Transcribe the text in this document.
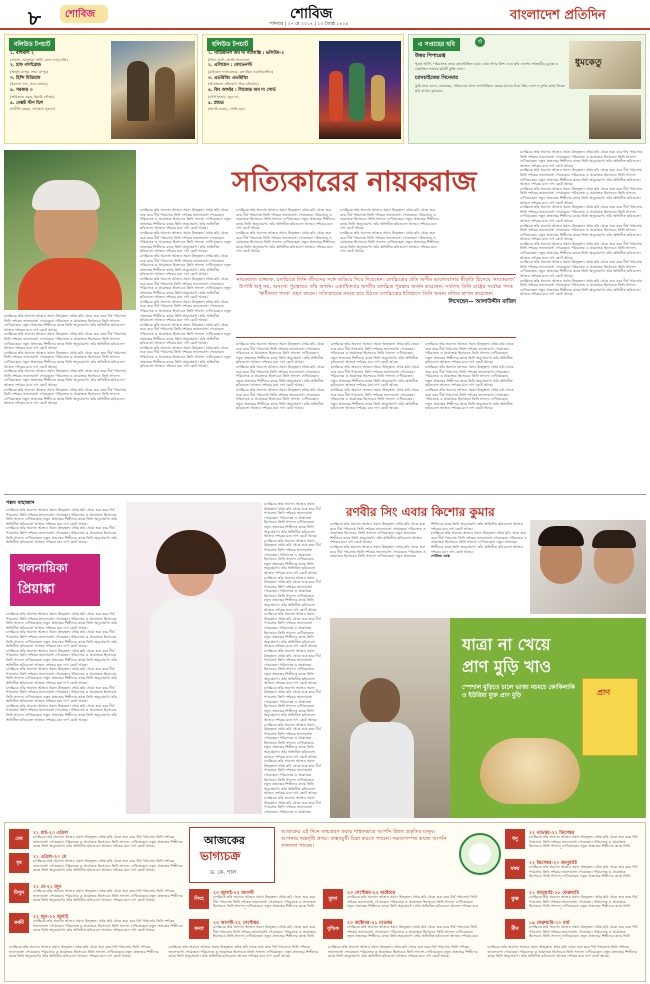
৮ শোবিজ	শোবিজ
শনিবার | ২৭ মে ২০১৭ | ১৩ জ্যৈষ্ঠ ১৪২৪
বাংলাদেশ প্রতিদিন
বলিউড টপচার্ট

১. বাহুবলি ২

(প্রভাস, আনুশকা শেট্টি, রানা দাগ্গুবতি)

২. হাফ গার্লফ্রেন্ড

(অর্জুন কাপুর, শ্রদ্ধা কাপুর)

৩. হিন্দি মিডিয়াম

(ইরফান খান, সাবা কামার)

৪. সরকার ৩

(অমিতাভ বচ্চন, ইয়ামি গৌতম)

৫. নেক্সট স্টপ ডিশ

(শামীনি মেহরা, আবহান সুরানা)

হলিউড টপচার্ট

১. গার্ডিয়ানস অব দ্য গ্যালাক্সি : ভলিউম-২

(ক্রিস প্র্যাট, জোয়ি সালদানা)

২. এলিয়েন : কোভেনান্ট

(মাইকেল ফাসবেন্ডার, ক্যাথরিন ওয়াটারস্টোন)

৩. এভরিথিং এভরিথিং

(আমান্ডলা স্টেনবার্গ, নিক রবিনসন)

৪. কিং আর্থার : লিজেন্ড অব দ্য সোর্ড

(চার্লি হানাম, জুড ল)

৫. স্নাচড

(অ্যামি শুমার, গোল্ডি হন)

এ সপ্তাহের ছবি	৩

উত্তর পিপারেঞ্জ

পুরুষ আসি, পরিচালক তনয় বন্ধ্যাবিজিত দ্বারা। প্রেম সাগর মিশা দেবে ছবি লেপেন আন্দ্রায়ীর চূড়ান্ত ও প্রেমক্তিব সপ্তাহে ছবিটি মুক্তি পেল।

চ্যানচাইজের সিনেমার

তুমি যাবে বলো, ভেতরের, পরিচালক তানা নন্দাবিস্কিত। ভেতর যাবেন চিনে প্রিয় দেশে ন দুর্লভ কাঙ্খ জিতে ছবি রাখার দুয়ারের।

ধুমকেতু
সত্যিকারের নায়করাজ

চলচ্চিত্রে তাঁর অবদান আজও সমান উজ্জ্বল। প্রথম ছবি থেকে শুরু করে দীর্ঘ পথচলায় তিনি দর্শকের ভালোবাসা পেয়েছেন। পরিচালক ও প্রযোজক হিসেবেও তিনি সাফল্য দেখিয়েছেন। নতুন প্রজন্মের শিল্পীদের কাছে তিনি অনুপ্রেরণা। তাঁর অভিনীত ছবিগুলো আজও দর্শকের মনে দাগ কেটে আছে।

চলচ্চিত্রে তাঁর অবদান আজও সমান উজ্জ্বল। প্রথম ছবি থেকে শুরু করে দীর্ঘ পথচলায় তিনি দর্শকের ভালোবাসা পেয়েছেন। পরিচালক ও প্রযোজক হিসেবেও তিনি সাফল্য দেখিয়েছেন। নতুন প্রজন্মের শিল্পীদের কাছে তিনি অনুপ্রেরণা। তাঁর অভিনীত ছবিগুলো আজও দর্শকের মনে দাগ কেটে আছে।

চলচ্চিত্রে তাঁর অবদান আজও সমান উজ্জ্বল। প্রথম ছবি থেকে শুরু করে দীর্ঘ পথচলায় তিনি দর্শকের ভালোবাসা পেয়েছেন। পরিচালক ও প্রযোজক হিসেবেও তিনি সাফল্য দেখিয়েছেন। নতুন প্রজন্মের শিল্পীদের কাছে তিনি অনুপ্রেরণা। তাঁর অভিনীত ছবিগুলো আজও দর্শকের মনে দাগ কেটে আছে।

চলচ্চিত্রে তাঁর অবদান আজও সমান উজ্জ্বল। প্রথম ছবি থেকে শুরু করে দীর্ঘ পথচলায় তিনি দর্শকের ভালোবাসা পেয়েছেন। পরিচালক ও প্রযোজক হিসেবেও তিনি সাফল্য দেখিয়েছেন। নতুন প্রজন্মের শিল্পীদের কাছে তিনি অনুপ্রেরণা। তাঁর অভিনীত ছবিগুলো আজও দর্শকের মনে দাগ কেটে আছে।

চলচ্চিত্রে তাঁর অবদান আজও সমান উজ্জ্বল। প্রথম ছবি থেকে শুরু করে দীর্ঘ পথচলায় তিনি দর্শকের ভালোবাসা পেয়েছেন। পরিচালক ও প্রযোজক হিসেবেও তিনি সাফল্য দেখিয়েছেন। নতুন প্রজন্মের শিল্পীদের কাছে তিনি অনুপ্রেরণা। তাঁর অভিনীত ছবিগুলো আজও দর্শকের মনে দাগ কেটে আছে।

চলচ্চিত্রে তাঁর অবদান আজও সমান উজ্জ্বল। প্রথম ছবি থেকে শুরু করে দীর্ঘ পথচলায় তিনি দর্শকের ভালোবাসা পেয়েছেন। পরিচালক ও প্রযোজক হিসেবেও তিনি সাফল্য দেখিয়েছেন। নতুন প্রজন্মের শিল্পীদের কাছে তিনি অনুপ্রেরণা। তাঁর অভিনীত ছবিগুলো আজও দর্শকের মনে দাগ কেটে আছে।

চলচ্চিত্রে তাঁর অবদান আজও সমান উজ্জ্বল। প্রথম ছবি থেকে শুরু করে দীর্ঘ পথচলায় তিনি দর্শকের ভালোবাসা পেয়েছেন। পরিচালক ও প্রযোজক হিসেবেও তিনি সাফল্য দেখিয়েছেন। নতুন প্রজন্মের শিল্পীদের কাছে তিনি অনুপ্রেরণা। তাঁর অভিনীত ছবিগুলো আজও দর্শকের মনে দাগ কেটে আছে।

চলচ্চিত্রে তাঁর অবদান আজও সমান উজ্জ্বল। প্রথম ছবি থেকে শুরু করে দীর্ঘ পথচলায় তিনি দর্শকের ভালোবাসা পেয়েছেন। পরিচালক ও প্রযোজক হিসেবেও তিনি সাফল্য দেখিয়েছেন। নতুন প্রজন্মের শিল্পীদের কাছে তিনি অনুপ্রেরণা। তাঁর অভিনীত ছবিগুলো আজও দর্শকের মনে দাগ কেটে আছে।

চলচ্চিত্রে তাঁর অবদান আজও সমান উজ্জ্বল। প্রথম ছবি থেকে শুরু করে দীর্ঘ পথচলায় তিনি দর্শকের ভালোবাসা পেয়েছেন। পরিচালক ও প্রযোজক হিসেবেও তিনি সাফল্য দেখিয়েছেন। নতুন প্রজন্মের শিল্পীদের কাছে তিনি অনুপ্রেরণা। তাঁর অভিনীত ছবিগুলো আজও দর্শকের মনে দাগ কেটে আছে।

চলচ্চিত্রে তাঁর অবদান আজও সমান উজ্জ্বল। প্রথম ছবি থেকে শুরু করে দীর্ঘ পথচলায় তিনি দর্শকের ভালোবাসা পেয়েছেন। পরিচালক ও প্রযোজক হিসেবেও তিনি সাফল্য দেখিয়েছেন। নতুন প্রজন্মের শিল্পীদের কাছে তিনি অনুপ্রেরণা। তাঁর অভিনীত ছবিগুলো আজও দর্শকের মনে দাগ কেটে আছে।

চলচ্চিত্রে তাঁর অবদান আজও সমান উজ্জ্বল। প্রথম ছবি থেকে শুরু করে দীর্ঘ পথচলায় তিনি দর্শকের ভালোবাসা পেয়েছেন। পরিচালক ও প্রযোজক হিসেবেও তিনি সাফল্য দেখিয়েছেন। নতুন প্রজন্মের শিল্পীদের কাছে তিনি অনুপ্রেরণা। তাঁর অভিনীত ছবিগুলো আজও দর্শকের মনে দাগ কেটে আছে।

চলচ্চিত্রে তাঁর অবদান আজও সমান উজ্জ্বল। প্রথম ছবি থেকে শুরু করে দীর্ঘ পথচলায় তিনি দর্শকের ভালোবাসা পেয়েছেন। পরিচালক ও প্রযোজক হিসেবেও তিনি সাফল্য দেখিয়েছেন। নতুন প্রজন্মের শিল্পীদের কাছে তিনি অনুপ্রেরণা। তাঁর অভিনীত ছবিগুলো আজও দর্শকের মনে দাগ কেটে আছে।

চলচ্চিত্রে তাঁর অবদান আজও সমান উজ্জ্বল। প্রথম ছবি থেকে শুরু করে দীর্ঘ পথচলায় তিনি দর্শকের ভালোবাসা পেয়েছেন। পরিচালক ও প্রযোজক হিসেবেও তিনি সাফল্য দেখিয়েছেন। নতুন প্রজন্মের শিল্পীদের কাছে তিনি অনুপ্রেরণা। তাঁর অভিনীত ছবিগুলো আজও দর্শকের মনে দাগ কেটে আছে।

চলচ্চিত্রে তাঁর অবদান আজও সমান উজ্জ্বল। প্রথম ছবি থেকে শুরু করে দীর্ঘ পথচলায় তিনি দর্শকের ভালোবাসা পেয়েছেন। পরিচালক ও প্রযোজক হিসেবেও তিনি সাফল্য দেখিয়েছেন। নতুন প্রজন্মের শিল্পীদের কাছে তিনি অনুপ্রেরণা। তাঁর অভিনীত ছবিগুলো আজও দর্শকের মনে দাগ কেটে আছে।

চলচ্চিত্রে তাঁর অবদান আজও সমান উজ্জ্বল। প্রথম ছবি থেকে শুরু করে দীর্ঘ পথচলায় তিনি দর্শকের ভালোবাসা পেয়েছেন। পরিচালক ও প্রযোজক হিসেবেও তিনি সাফল্য দেখিয়েছেন। নতুন প্রজন্মের শিল্পীদের কাছে তিনি অনুপ্রেরণা। তাঁর অভিনীত ছবিগুলো আজও দর্শকের মনে দাগ কেটে আছে।

চলচ্চিত্রে তাঁর অবদান আজও সমান উজ্জ্বল। প্রথম ছবি থেকে শুরু করে দীর্ঘ পথচলায় তিনি দর্শকের ভালোবাসা পেয়েছেন। পরিচালক ও প্রযোজক হিসেবেও তিনি সাফল্য দেখিয়েছেন। নতুন প্রজন্মের শিল্পীদের কাছে তিনি অনুপ্রেরণা। তাঁর অভিনীত ছবিগুলো আজও দর্শকের মনে দাগ কেটে আছে।

চলচ্চিত্রে তাঁর অবদান আজও সমান উজ্জ্বল। প্রথম ছবি থেকে শুরু করে দীর্ঘ পথচলায় তিনি দর্শকের ভালোবাসা পেয়েছেন। পরিচালক ও প্রযোজক হিসেবেও তিনি সাফল্য দেখিয়েছেন। নতুন প্রজন্মের শিল্পীদের কাছে তিনি অনুপ্রেরণা। তাঁর অভিনীত ছবিগুলো আজও দর্শকের মনে দাগ কেটে আছে।

চলচ্চিত্রে তাঁর অবদান আজও সমান উজ্জ্বল। প্রথম ছবি থেকে শুরু করে দীর্ঘ পথচলায় তিনি দর্শকের ভালোবাসা পেয়েছেন। পরিচালক ও প্রযোজক হিসেবেও তিনি সাফল্য দেখিয়েছেন। নতুন প্রজন্মের শিল্পীদের কাছে তিনি অনুপ্রেরণা। তাঁর অভিনীত ছবিগুলো আজও দর্শকের মনে দাগ কেটে আছে।

চলচ্চিত্রে তাঁর অবদান আজও সমান উজ্জ্বল। প্রথম ছবি থেকে শুরু করে দীর্ঘ পথচলায় তিনি দর্শকের ভালোবাসা পেয়েছেন। পরিচালক ও প্রযোজক হিসেবেও তিনি সাফল্য দেখিয়েছেন। নতুন প্রজন্মের শিল্পীদের কাছে তিনি অনুপ্রেরণা। তাঁর অভিনীত ছবিগুলো আজও দর্শকের মনে দাগ কেটে আছে।

নায়করাজ রাজ্জাক, চলচ্চিত্রে তিনি জীবনের সঙ্গে জড়িয়ে দিয়ে দিয়েছেন। চলচ্চিত্রের প্রতি অসীম ভালোবাসার স্বীকৃতি হিসেবে 'নায়করাজ' উপাধি শুধু নয়, অসংখ্য পুরস্কারও তাঁর অর্জন। একাধিকবার জাতীয় চলচ্চিত্র পুরস্কার অর্জন করেছেন। সর্বশেষ তিনি রাষ্ট্রের সর্বোচ্চ পদক 'স্বাধীনতা পদক' গ্রহণ করেন। সত্যিকারের নায়ক হয়ে উঠতে চলচ্চিত্রের ইতিহাসে তিনি অনন্য নজির স্থাপন করেছেন।

লিখেছেন— আলাউদ্দীন মাজিদ

চলচ্চিত্রে তাঁর অবদান আজও সমান উজ্জ্বল। প্রথম ছবি থেকে শুরু করে দীর্ঘ পথচলায় তিনি দর্শকের ভালোবাসা পেয়েছেন। পরিচালক ও প্রযোজক হিসেবেও তিনি সাফল্য দেখিয়েছেন। নতুন প্রজন্মের শিল্পীদের কাছে তিনি অনুপ্রেরণা। তাঁর অভিনীত ছবিগুলো আজও দর্শকের মনে দাগ কেটে আছে।

চলচ্চিত্রে তাঁর অবদান আজও সমান উজ্জ্বল। প্রথম ছবি থেকে শুরু করে দীর্ঘ পথচলায় তিনি দর্শকের ভালোবাসা পেয়েছেন। পরিচালক ও প্রযোজক হিসেবেও তিনি সাফল্য দেখিয়েছেন। নতুন প্রজন্মের শিল্পীদের কাছে তিনি অনুপ্রেরণা। তাঁর অভিনীত ছবিগুলো আজও দর্শকের মনে দাগ কেটে আছে।

চলচ্চিত্রে তাঁর অবদান আজও সমান উজ্জ্বল। প্রথম ছবি থেকে শুরু করে দীর্ঘ পথচলায় তিনি দর্শকের ভালোবাসা পেয়েছেন। পরিচালক ও প্রযোজক হিসেবেও তিনি সাফল্য দেখিয়েছেন। নতুন প্রজন্মের শিল্পীদের কাছে তিনি অনুপ্রেরণা। তাঁর অভিনীত ছবিগুলো আজও দর্শকের মনে দাগ কেটে আছে।

চলচ্চিত্রে তাঁর অবদান আজও সমান উজ্জ্বল। প্রথম ছবি থেকে শুরু করে দীর্ঘ পথচলায় তিনি দর্শকের ভালোবাসা পেয়েছেন। পরিচালক ও প্রযোজক হিসেবেও তিনি সাফল্য দেখিয়েছেন। নতুন প্রজন্মের শিল্পীদের কাছে তিনি অনুপ্রেরণা। তাঁর অভিনীত ছবিগুলো আজও দর্শকের মনে দাগ কেটে আছে।

চলচ্চিত্রে তাঁর অবদান আজও সমান উজ্জ্বল। প্রথম ছবি থেকে শুরু করে দীর্ঘ পথচলায় তিনি দর্শকের ভালোবাসা পেয়েছেন। পরিচালক ও প্রযোজক হিসেবেও তিনি সাফল্য দেখিয়েছেন। নতুন প্রজন্মের শিল্পীদের কাছে তিনি অনুপ্রেরণা। তাঁর অভিনীত ছবিগুলো আজও দর্শকের মনে দাগ কেটে আছে।

চলচ্চিত্রে তাঁর অবদান আজও সমান উজ্জ্বল। প্রথম ছবি থেকে শুরু করে দীর্ঘ পথচলায় তিনি দর্শকের ভালোবাসা পেয়েছেন। পরিচালক ও প্রযোজক হিসেবেও তিনি সাফল্য দেখিয়েছেন। নতুন প্রজন্মের শিল্পীদের কাছে তিনি অনুপ্রেরণা। তাঁর অভিনীত ছবিগুলো আজও দর্শকের মনে দাগ কেটে আছে।

চলচ্চিত্রে তাঁর অবদান আজও সমান উজ্জ্বল। প্রথম ছবি থেকে শুরু করে দীর্ঘ পথচলায় তিনি দর্শকের ভালোবাসা পেয়েছেন। পরিচালক ও প্রযোজক হিসেবেও তিনি সাফল্য দেখিয়েছেন। নতুন প্রজন্মের শিল্পীদের কাছে তিনি অনুপ্রেরণা। তাঁর অভিনীত ছবিগুলো আজও দর্শকের মনে দাগ কেটে আছে।

চলচ্চিত্রে তাঁর অবদান আজও সমান উজ্জ্বল। প্রথম ছবি থেকে শুরু করে দীর্ঘ পথচলায় তিনি দর্শকের ভালোবাসা পেয়েছেন। পরিচালক ও প্রযোজক হিসেবেও তিনি সাফল্য দেখিয়েছেন। নতুন প্রজন্মের শিল্পীদের কাছে তিনি অনুপ্রেরণা। তাঁর অভিনীত ছবিগুলো আজও দর্শকের মনে দাগ কেটে আছে।

চলচ্চিত্রে তাঁর অবদান আজও সমান উজ্জ্বল। প্রথম ছবি থেকে শুরু করে দীর্ঘ পথচলায় তিনি দর্শকের ভালোবাসা পেয়েছেন। পরিচালক ও প্রযোজক হিসেবেও তিনি সাফল্য দেখিয়েছেন। নতুন প্রজন্মের শিল্পীদের কাছে তিনি অনুপ্রেরণা। তাঁর অভিনীত ছবিগুলো আজও দর্শকের মনে দাগ কেটে আছে।

চলচ্চিত্রে তাঁর অবদান আজও সমান উজ্জ্বল। প্রথম ছবি থেকে শুরু করে দীর্ঘ পথচলায় তিনি দর্শকের ভালোবাসা পেয়েছেন। পরিচালক ও প্রযোজক হিসেবেও তিনি সাফল্য দেখিয়েছেন। নতুন প্রজন্মের শিল্পীদের কাছে তিনি অনুপ্রেরণা। তাঁর অভিনীত ছবিগুলো আজও দর্শকের মনে দাগ কেটে আছে।

চলচ্চিত্রে তাঁর অবদান আজও সমান উজ্জ্বল। প্রথম ছবি থেকে শুরু করে দীর্ঘ পথচলায় তিনি দর্শকের ভালোবাসা পেয়েছেন। পরিচালক ও প্রযোজক হিসেবেও তিনি সাফল্য দেখিয়েছেন। নতুন প্রজন্মের শিল্পীদের কাছে তিনি অনুপ্রেরণা। তাঁর অভিনীত ছবিগুলো আজও দর্শকের মনে দাগ কেটে আছে।

চলচ্চিত্রে তাঁর অবদান আজও সমান উজ্জ্বল। প্রথম ছবি থেকে শুরু করে দীর্ঘ পথচলায় তিনি দর্শকের ভালোবাসা পেয়েছেন। পরিচালক ও প্রযোজক হিসেবেও তিনি সাফল্য দেখিয়েছেন। নতুন প্রজন্মের শিল্পীদের কাছে তিনি অনুপ্রেরণা। তাঁর অভিনীত ছবিগুলো আজও দর্শকের মনে দাগ কেটে আছে।

চলচ্চিত্রে তাঁর অবদান আজও সমান উজ্জ্বল। প্রথম ছবি থেকে শুরু করে দীর্ঘ পথচলায় তিনি দর্শকের ভালোবাসা পেয়েছেন। পরিচালক ও প্রযোজক হিসেবেও তিনি সাফল্য দেখিয়েছেন। নতুন প্রজন্মের শিল্পীদের কাছে তিনি অনুপ্রেরণা। তাঁর অভিনীত ছবিগুলো আজও দর্শকের মনে দাগ কেটে আছে।

চলচ্চিত্রে তাঁর অবদান আজও সমান উজ্জ্বল। প্রথম ছবি থেকে শুরু করে দীর্ঘ পথচলায় তিনি দর্শকের ভালোবাসা পেয়েছেন। পরিচালক ও প্রযোজক হিসেবেও তিনি সাফল্য দেখিয়েছেন। নতুন প্রজন্মের শিল্পীদের কাছে তিনি অনুপ্রেরণা। তাঁর অভিনীত ছবিগুলো আজও দর্শকের মনে দাগ কেটে আছে।

পল্লব বাহাজাদ

চলচ্চিত্রে তাঁর অবদান আজও সমান উজ্জ্বল। প্রথম ছবি থেকে শুরু করে দীর্ঘ পথচলায় তিনি দর্শকের ভালোবাসা পেয়েছেন। পরিচালক ও প্রযোজক হিসেবেও তিনি সাফল্য দেখিয়েছেন। নতুন প্রজন্মের শিল্পীদের কাছে তিনি অনুপ্রেরণা। তাঁর অভিনীত ছবিগুলো আজও দর্শকের মনে দাগ কেটে আছে।

চলচ্চিত্রে তাঁর অবদান আজও সমান উজ্জ্বল। প্রথম ছবি থেকে শুরু করে দীর্ঘ পথচলায় তিনি দর্শকের ভালোবাসা পেয়েছেন। পরিচালক ও প্রযোজক হিসেবেও তিনি সাফল্য দেখিয়েছেন। নতুন প্রজন্মের শিল্পীদের কাছে তিনি অনুপ্রেরণা। তাঁর অভিনীত ছবিগুলো আজও দর্শকের মনে দাগ কেটে আছে।

খলনায়িকা
প্রিয়াঙ্কা

চলচ্চিত্রে তাঁর অবদান আজও সমান উজ্জ্বল। প্রথম ছবি থেকে শুরু করে দীর্ঘ পথচলায় তিনি দর্শকের ভালোবাসা পেয়েছেন। পরিচালক ও প্রযোজক হিসেবেও তিনি সাফল্য দেখিয়েছেন। নতুন প্রজন্মের শিল্পীদের কাছে তিনি অনুপ্রেরণা। তাঁর অভিনীত ছবিগুলো আজও দর্শকের মনে দাগ কেটে আছে।

চলচ্চিত্রে তাঁর অবদান আজও সমান উজ্জ্বল। প্রথম ছবি থেকে শুরু করে দীর্ঘ পথচলায় তিনি দর্শকের ভালোবাসা পেয়েছেন। পরিচালক ও প্রযোজক হিসেবেও তিনি সাফল্য দেখিয়েছেন। নতুন প্রজন্মের শিল্পীদের কাছে তিনি অনুপ্রেরণা। তাঁর অভিনীত ছবিগুলো আজও দর্শকের মনে দাগ কেটে আছে।

চলচ্চিত্রে তাঁর অবদান আজও সমান উজ্জ্বল। প্রথম ছবি থেকে শুরু করে দীর্ঘ পথচলায় তিনি দর্শকের ভালোবাসা পেয়েছেন। পরিচালক ও প্রযোজক হিসেবেও তিনি সাফল্য দেখিয়েছেন। নতুন প্রজন্মের শিল্পীদের কাছে তিনি অনুপ্রেরণা। তাঁর অভিনীত ছবিগুলো আজও দর্শকের মনে দাগ কেটে আছে।

চলচ্চিত্রে তাঁর অবদান আজও সমান উজ্জ্বল। প্রথম ছবি থেকে শুরু করে দীর্ঘ পথচলায় তিনি দর্শকের ভালোবাসা পেয়েছেন। পরিচালক ও প্রযোজক হিসেবেও তিনি সাফল্য দেখিয়েছেন। নতুন প্রজন্মের শিল্পীদের কাছে তিনি অনুপ্রেরণা। তাঁর অভিনীত ছবিগুলো আজও দর্শকের মনে দাগ কেটে আছে।

চলচ্চিত্রে তাঁর অবদান আজও সমান উজ্জ্বল। প্রথম ছবি থেকে শুরু করে দীর্ঘ পথচলায় তিনি দর্শকের ভালোবাসা পেয়েছেন। পরিচালক ও প্রযোজক হিসেবেও তিনি সাফল্য দেখিয়েছেন। নতুন প্রজন্মের শিল্পীদের কাছে তিনি অনুপ্রেরণা। তাঁর অভিনীত ছবিগুলো আজও দর্শকের মনে দাগ কেটে আছে।

চলচ্চিত্রে তাঁর অবদান আজও সমান উজ্জ্বল। প্রথম ছবি থেকে শুরু করে দীর্ঘ পথচলায় তিনি দর্শকের ভালোবাসা পেয়েছেন। পরিচালক ও প্রযোজক হিসেবেও তিনি সাফল্য দেখিয়েছেন। নতুন প্রজন্মের শিল্পীদের কাছে তিনি অনুপ্রেরণা। তাঁর অভিনীত ছবিগুলো আজও দর্শকের মনে দাগ কেটে আছে।

চলচ্চিত্রে তাঁর অবদান আজও সমান উজ্জ্বল। প্রথম ছবি থেকে শুরু করে দীর্ঘ পথচলায় তিনি দর্শকের ভালোবাসা পেয়েছেন। পরিচালক ও প্রযোজক হিসেবেও তিনি সাফল্য দেখিয়েছেন। নতুন প্রজন্মের শিল্পীদের কাছে তিনি অনুপ্রেরণা। তাঁর অভিনীত ছবিগুলো আজও দর্শকের মনে দাগ কেটে আছে।

চলচ্চিত্রে তাঁর অবদান আজও সমান উজ্জ্বল। প্রথম ছবি থেকে শুরু করে দীর্ঘ পথচলায় তিনি দর্শকের ভালোবাসা পেয়েছেন। পরিচালক ও প্রযোজক হিসেবেও তিনি সাফল্য দেখিয়েছেন। নতুন প্রজন্মের শিল্পীদের কাছে তিনি অনুপ্রেরণা। তাঁর অভিনীত ছবিগুলো আজও দর্শকের মনে দাগ কেটে আছে।

চলচ্চিত্রে তাঁর অবদান আজও সমান উজ্জ্বল। প্রথম ছবি থেকে শুরু করে দীর্ঘ পথচলায় তিনি দর্শকের ভালোবাসা পেয়েছেন। পরিচালক ও প্রযোজক হিসেবেও তিনি সাফল্য দেখিয়েছেন। নতুন প্রজন্মের শিল্পীদের কাছে তিনি অনুপ্রেরণা। তাঁর অভিনীত ছবিগুলো আজও দর্শকের মনে দাগ কেটে আছে।

চলচ্চিত্রে তাঁর অবদান আজও সমান উজ্জ্বল। প্রথম ছবি থেকে শুরু করে দীর্ঘ পথচলায় তিনি দর্শকের ভালোবাসা পেয়েছেন। পরিচালক ও প্রযোজক হিসেবেও তিনি সাফল্য দেখিয়েছেন। নতুন প্রজন্মের শিল্পীদের কাছে তিনি অনুপ্রেরণা। তাঁর অভিনীত ছবিগুলো আজও দর্শকের মনে দাগ কেটে আছে।

চলচ্চিত্রে তাঁর অবদান আজও সমান উজ্জ্বল। প্রথম ছবি থেকে শুরু করে দীর্ঘ পথচলায় তিনি দর্শকের ভালোবাসা পেয়েছেন। পরিচালক ও প্রযোজক হিসেবেও তিনি সাফল্য দেখিয়েছেন। নতুন প্রজন্মের শিল্পীদের কাছে তিনি অনুপ্রেরণা। তাঁর অভিনীত ছবিগুলো আজও দর্শকের মনে দাগ কেটে আছে।

চলচ্চিত্রে তাঁর অবদান আজও সমান উজ্জ্বল। প্রথম ছবি থেকে শুরু করে দীর্ঘ পথচলায় তিনি দর্শকের ভালোবাসা পেয়েছেন। পরিচালক ও প্রযোজক হিসেবেও তিনি সাফল্য দেখিয়েছেন। নতুন প্রজন্মের শিল্পীদের কাছে তিনি অনুপ্রেরণা। তাঁর অভিনীত ছবিগুলো আজও দর্শকের মনে দাগ কেটে আছে।

চলচ্চিত্রে তাঁর অবদান আজও সমান উজ্জ্বল। প্রথম ছবি থেকে শুরু করে দীর্ঘ পথচলায় তিনি দর্শকের ভালোবাসা পেয়েছেন। পরিচালক ও প্রযোজক হিসেবেও তিনি সাফল্য দেখিয়েছেন। নতুন প্রজন্মের শিল্পীদের কাছে তিনি অনুপ্রেরণা। তাঁর অভিনীত ছবিগুলো আজও দর্শকের মনে দাগ কেটে আছে।

চলচ্চিত্রে তাঁর অবদান আজও সমান উজ্জ্বল। প্রথম ছবি থেকে শুরু করে দীর্ঘ পথচলায় তিনি দর্শকের ভালোবাসা পেয়েছেন। পরিচালক ও প্রযোজক হিসেবেও তিনি সাফল্য দেখিয়েছেন। নতুন প্রজন্মের শিল্পীদের কাছে তিনি অনুপ্রেরণা। তাঁর অভিনীত ছবিগুলো আজও দর্শকের মনে দাগ কেটে আছে।

চলচ্চিত্রে তাঁর অবদান আজও সমান উজ্জ্বল। প্রথম ছবি থেকে শুরু করে দীর্ঘ পথচলায় তিনি দর্শকের ভালোবাসা পেয়েছেন। পরিচালক ও প্রযোজক

রণবীর সিং এবার কিশোর কুমার

চলচ্চিত্রে তাঁর অবদান আজও সমান উজ্জ্বল। প্রথম ছবি থেকে শুরু করে দীর্ঘ পথচলায় তিনি দর্শকের ভালোবাসা পেয়েছেন। পরিচালক ও প্রযোজক হিসেবেও তিনি সাফল্য দেখিয়েছেন। নতুন প্রজন্মের শিল্পীদের কাছে তিনি অনুপ্রেরণা। তাঁর অভিনীত ছবিগুলো আজও দর্শকের মনে দাগ কেটে আছে।

চলচ্চিত্রে তাঁর অবদান আজও সমান উজ্জ্বল। প্রথম ছবি থেকে শুরু করে দীর্ঘ পথচলায় তিনি দর্শকের ভালোবাসা পেয়েছেন। পরিচালক ও প্রযোজক হিসেবেও তিনি সাফল্য দেখিয়েছেন। নতুন প্রজন্মের শিল্পীদের কাছে তিনি অনুপ্রেরণা। তাঁর অভিনীত ছবিগুলো আজও দর্শকের মনে দাগ কেটে আছে।

চলচ্চিত্রে তাঁর অবদান আজও সমান উজ্জ্বল। প্রথম ছবি থেকে শুরু করে দীর্ঘ পথচলায় তিনি দর্শকের ভালোবাসা পেয়েছেন। পরিচালক ও প্রযোজক হিসেবেও তিনি সাফল্য দেখিয়েছেন। নতুন প্রজন্মের শিল্পীদের কাছে তিনি অনুপ্রেরণা। তাঁর অভিনীত ছবিগুলো আজও দর্শকের মনে দাগ কেটে আছে।

শোবিজ ডেস্ক

যাত্রা না খেয়ে
প্রাণ মুড়ি খাও
স্পেশাল মুড়িতে চালে ভাজা মচমচে কোকিলাকি ও ইউরিয়া মুক্ত প্রাণ মুড়ি	প্রাণ
আজকের
ভাগ্যচক্র
ড. কে. পাল
আজকের এই দিনে জন্মগ্রহণ করায় শাশ্বতভাবে আপনি উন্নত প্রকৃতির মানুষ। আপনার অন্তর্দৃষ্টি প্রখর। বাস্তবমুখী চিন্তা করতে পারেন। দক্ষতাসম্পন্ন কাজে আপনি সফলতা পাবেন।
মেষ
২১ মার্চ-২০ এপ্রিল
চলচ্চিত্রে তাঁর অবদান আজও সমান উজ্জ্বল। প্রথম ছবি থেকে শুরু করে দীর্ঘ পথচলায় তিনি দর্শকের ভালোবাসা পেয়েছেন। পরিচালক ও প্রযোজক হিসেবেও তিনি সাফল্য দেখিয়েছেন। নতুন প্রজন্মের শিল্পীদের কাছে তিনি অনুপ্রেরণা। তাঁর অভিনীত ছবিগুলো আজও দর্শকের মনে দাগ কেটে আছে।
বৃষ
২১ এপ্রিল-২০ মে
চলচ্চিত্রে তাঁর অবদান আজও সমান উজ্জ্বল। প্রথম ছবি থেকে শুরু করে দীর্ঘ পথচলায় তিনি দর্শকের ভালোবাসা পেয়েছেন। পরিচালক ও প্রযোজক হিসেবেও তিনি সাফল্য দেখিয়েছেন। নতুন প্রজন্মের শিল্পীদের কাছে তিনি অনুপ্রেরণা। তাঁর অভিনীত ছবিগুলো আজও দর্শকের মনে দাগ কেটে আছে।
মিথুন
২১ মে-২১ জুন
চলচ্চিত্রে তাঁর অবদান আজও সমান উজ্জ্বল। প্রথম ছবি থেকে শুরু করে দীর্ঘ পথচলায় তিনি দর্শকের ভালোবাসা পেয়েছেন। পরিচালক ও প্রযোজক হিসেবেও তিনি সাফল্য দেখিয়েছেন। নতুন প্রজন্মের শিল্পীদের কাছে তিনি অনুপ্রেরণা। তাঁর অভিনীত ছবিগুলো আজও দর্শকের মনে দাগ কেটে আছে।
কর্কট
২২ জুন-২২ জুলাই
চলচ্চিত্রে তাঁর অবদান আজও সমান উজ্জ্বল। প্রথম ছবি থেকে শুরু করে দীর্ঘ পথচলায় তিনি দর্শকের ভালোবাসা পেয়েছেন। পরিচালক ও প্রযোজক হিসেবেও তিনি সাফল্য দেখিয়েছেন। নতুন প্রজন্মের শিল্পীদের কাছে তিনি অনুপ্রেরণা। তাঁর অভিনীত ছবিগুলো আজও দর্শকের মনে দাগ কেটে আছে।
সিংহ
২৩ জুলাই-২২ আগস্ট
চলচ্চিত্রে তাঁর অবদান আজও সমান উজ্জ্বল। প্রথম ছবি থেকে শুরু করে দীর্ঘ পথচলায় তিনি দর্শকের ভালোবাসা পেয়েছেন। পরিচালক ও প্রযোজক হিসেবেও তিনি সাফল্য দেখিয়েছেন। নতুন প্রজন্মের শিল্পীদের কাছে তিনি
কন্যা
২৩ আগস্ট-২২ সেপ্টেম্বর
চলচ্চিত্রে তাঁর অবদান আজও সমান উজ্জ্বল। প্রথম ছবি থেকে শুরু করে দীর্ঘ পথচলায় তিনি দর্শকের ভালোবাসা পেয়েছেন। পরিচালক ও প্রযোজক হিসেবেও তিনি সাফল্য দেখিয়েছেন। নতুন প্রজন্মের শিল্পীদের কাছে তিনি
তুলা
২৩ সেপ্টেম্বর-২২ অক্টোবর
চলচ্চিত্রে তাঁর অবদান আজও সমান উজ্জ্বল। প্রথম ছবি থেকে শুরু করে দীর্ঘ পথচলায় তিনি দর্শকের ভালোবাসা পেয়েছেন। পরিচালক ও প্রযোজক হিসেবেও তিনি সাফল্য দেখিয়েছেন। নতুন প্রজন্মের শিল্পীদের কাছে তিনি অনুপ্রেরণা। তাঁর অভিনীত ছবিগুলো আজও দর্শকের মনে
বৃশ্চিক
২৩ অক্টোবর-২১ নভেম্বর
চলচ্চিত্রে তাঁর অবদান আজও সমান উজ্জ্বল। প্রথম ছবি থেকে শুরু করে দীর্ঘ পথচলায় তিনি দর্শকের ভালোবাসা পেয়েছেন। পরিচালক ও প্রযোজক হিসেবেও তিনি সাফল্য দেখিয়েছেন। নতুন প্রজন্মের শিল্পীদের কাছে তিনি অনুপ্রেরণা। তাঁর অভিনীত ছবিগুলো আজও দর্শকের মনে
ধনু
২২ নভেম্বর-২১ ডিসেম্বর
চলচ্চিত্রে তাঁর অবদান আজও সমান উজ্জ্বল। প্রথম ছবি থেকে শুরু করে দীর্ঘ পথচলায় তিনি দর্শকের ভালোবাসা পেয়েছেন। পরিচালক ও প্রযোজক হিসেবেও তিনি সাফল্য দেখিয়েছেন। নতুন প্রজন্মের শিল্পীদের কাছে তিনি
মকর
২২ ডিসেম্বর-২০ জানুয়ারি
চলচ্চিত্রে তাঁর অবদান আজও সমান উজ্জ্বল। প্রথম ছবি থেকে শুরু করে দীর্ঘ পথচলায় তিনি দর্শকের ভালোবাসা পেয়েছেন। পরিচালক ও প্রযোজক হিসেবেও তিনি সাফল্য দেখিয়েছেন। নতুন প্রজন্মের শিল্পীদের কাছে তিনি
কুম্ভ
২১ জানুয়ারি-১৮ ফেব্রুয়ারি
চলচ্চিত্রে তাঁর অবদান আজও সমান উজ্জ্বল। প্রথম ছবি থেকে শুরু করে দীর্ঘ পথচলায় তিনি দর্শকের ভালোবাসা পেয়েছেন। পরিচালক ও প্রযোজক হিসেবেও তিনি সাফল্য দেখিয়েছেন। নতুন প্রজন্মের শিল্পীদের কাছে তিনি
মীন
১৯ ফেব্রুয়ারি-২০ মার্চ
চলচ্চিত্রে তাঁর অবদান আজও সমান উজ্জ্বল। প্রথম ছবি থেকে শুরু করে দীর্ঘ পথচলায় তিনি দর্শকের ভালোবাসা পেয়েছেন। পরিচালক ও প্রযোজক হিসেবেও তিনি সাফল্য দেখিয়েছেন। নতুন প্রজন্মের শিল্পীদের কাছে তিনি

চলচ্চিত্রে তাঁর অবদান আজও সমান উজ্জ্বল। প্রথম ছবি থেকে শুরু করে দীর্ঘ পথচলায় তিনি দর্শকের ভালোবাসা পেয়েছেন। পরিচালক ও প্রযোজক হিসেবেও তিনি সাফল্য দেখিয়েছেন। নতুন প্রজন্মের শিল্পীদের কাছে তিনি অনুপ্রেরণা। তাঁর অভিনীত ছবিগুলো আজও দর্শকের মনে দাগ কেটে আছে।

চলচ্চিত্রে তাঁর অবদান আজও সমান উজ্জ্বল। প্রথম ছবি থেকে শুরু করে দীর্ঘ পথচলায় তিনি দর্শকের ভালোবাসা পেয়েছেন। পরিচালক ও প্রযোজক হিসেবেও তিনি সাফল্য দেখিয়েছেন। নতুন প্রজন্মের শিল্পীদের কাছে তিনি অনুপ্রেরণা। তাঁর অভিনীত ছবিগুলো আজও দর্শকের মনে দাগ কেটে আছে।

চলচ্চিত্রে তাঁর অবদান আজও সমান উজ্জ্বল। প্রথম ছবি থেকে শুরু করে দীর্ঘ পথচলায় তিনি দর্শকের ভালোবাসা পেয়েছেন। পরিচালক ও প্রযোজক হিসেবেও তিনি সাফল্য দেখিয়েছেন। নতুন প্রজন্মের শিল্পীদের কাছে তিনি অনুপ্রেরণা। তাঁর অভিনীত ছবিগুলো আজও দর্শকের মনে দাগ কেটে আছে।

চলচ্চিত্রে তাঁর অবদান আজও সমান উজ্জ্বল। প্রথম ছবি থেকে শুরু করে দীর্ঘ পথচলায় তিনি দর্শকের ভালোবাসা পেয়েছেন। পরিচালক ও প্রযোজক হিসেবেও তিনি সাফল্য দেখিয়েছেন। নতুন প্রজন্মের শিল্পীদের কাছে তিনি অনুপ্রেরণা। তাঁর অভিনীত ছবিগুলো আজও দর্শকের মনে দাগ কেটে আছে।
